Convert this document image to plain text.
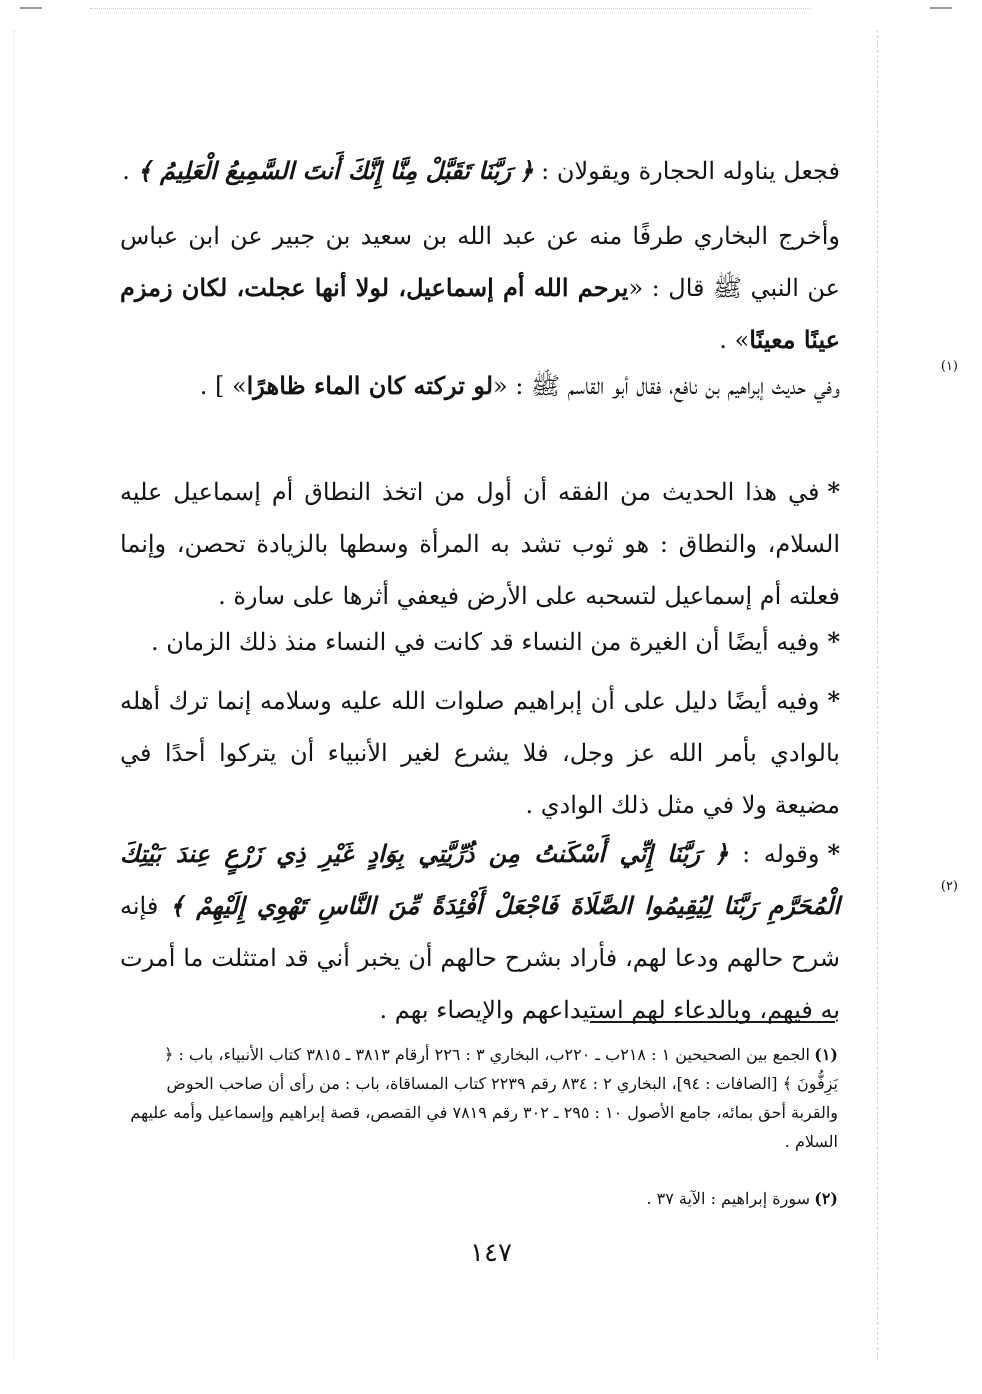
فجعل يناوله الحجارة ويقولان : ﴿ رَبَّنَا تَقَبَّلْ مِنَّا إِنَّكَ أَنتَ السَّمِيعُ الْعَلِيمُ ﴾ .

وأخرج البخاري طرفًا منه عن عبد الله بن سعيد بن جبير عن ابن عباس عن النبي ﷺ قال : «يرحم الله أم إسماعيل، لولا أنها عجلت، لكان زمزم عينًا معينًا» .

وفي حديث إبراهيم بن نافع، فقال أبو القاسم ﷺ : «لو تركته كان الماء ظاهرًا
(١)
» ] .

*في هذا الحديث من الفقه أن أول من اتخذ النطاق أم إسماعيل عليه السلام، والنطاق : هو ثوب تشد به المرأة وسطها بالزيادة تحصن، وإنما فعلته أم إسماعيل لتسحبه على الأرض فيعفي أثرها على سارة .

*وفيه أيضًا أن الغيرة من النساء قد كانت في النساء منذ ذلك الزمان .

*وفيه أيضًا دليل على أن إبراهيم صلوات الله عليه وسلامه إنما ترك أهله بالوادي بأمر الله عز وجل، فلا يشرع لغير الأنبياء أن يتركوا أحدًا في مضيعة ولا في مثل ذلك الوادي .

*وقوله : ﴿ رَبَّنَا إِنِّي أَسْكَنتُ مِن ذُرِّيَّتِي بِوَادٍ غَيْرِ ذِي زَرْعٍ عِندَ بَيْتِكَ الْمُحَرَّمِ رَبَّنَا لِيُقِيمُوا الصَّلَاةَ فَاجْعَلْ أَفْئِدَةً مِّنَ النَّاسِ تَهْوِي إِلَيْهِمْ ﴾
(٢)
فإنه شرح حالهم ودعا لهم، فأراد بشرح حالهم أن يخبر أني قد امتثلت ما أمرت به فيهم، وبالدعاء لهم استيداعهم والإيصاء بهم .

(١)الجمع بين الصحيحين ١ : ٢١٨ب ـ ٢٢٠ب، البخاري ٣ : ٢٢٦ أرقام ٣٨١٣ ـ ٣٨١٥ كتاب الأنبياء، باب : ﴿ يَزِفُّونَ ﴾ [الصافات : ٩٤]، البخاري ٢ : ٨٣٤ رقم ٢٢٣٩ كتاب المساقاة، باب : من رأى أن صاحب الحوض والقربة أحق بمائه، جامع الأصول ١٠ : ٢٩٥ ـ ٣٠٢ رقم ٧٨١٩ في القصص، قصة إبراهيم وإسماعيل وأمه عليهم السلام .

(٢)سورة إبراهيم : الآية ٣٧ .

١٤٧
